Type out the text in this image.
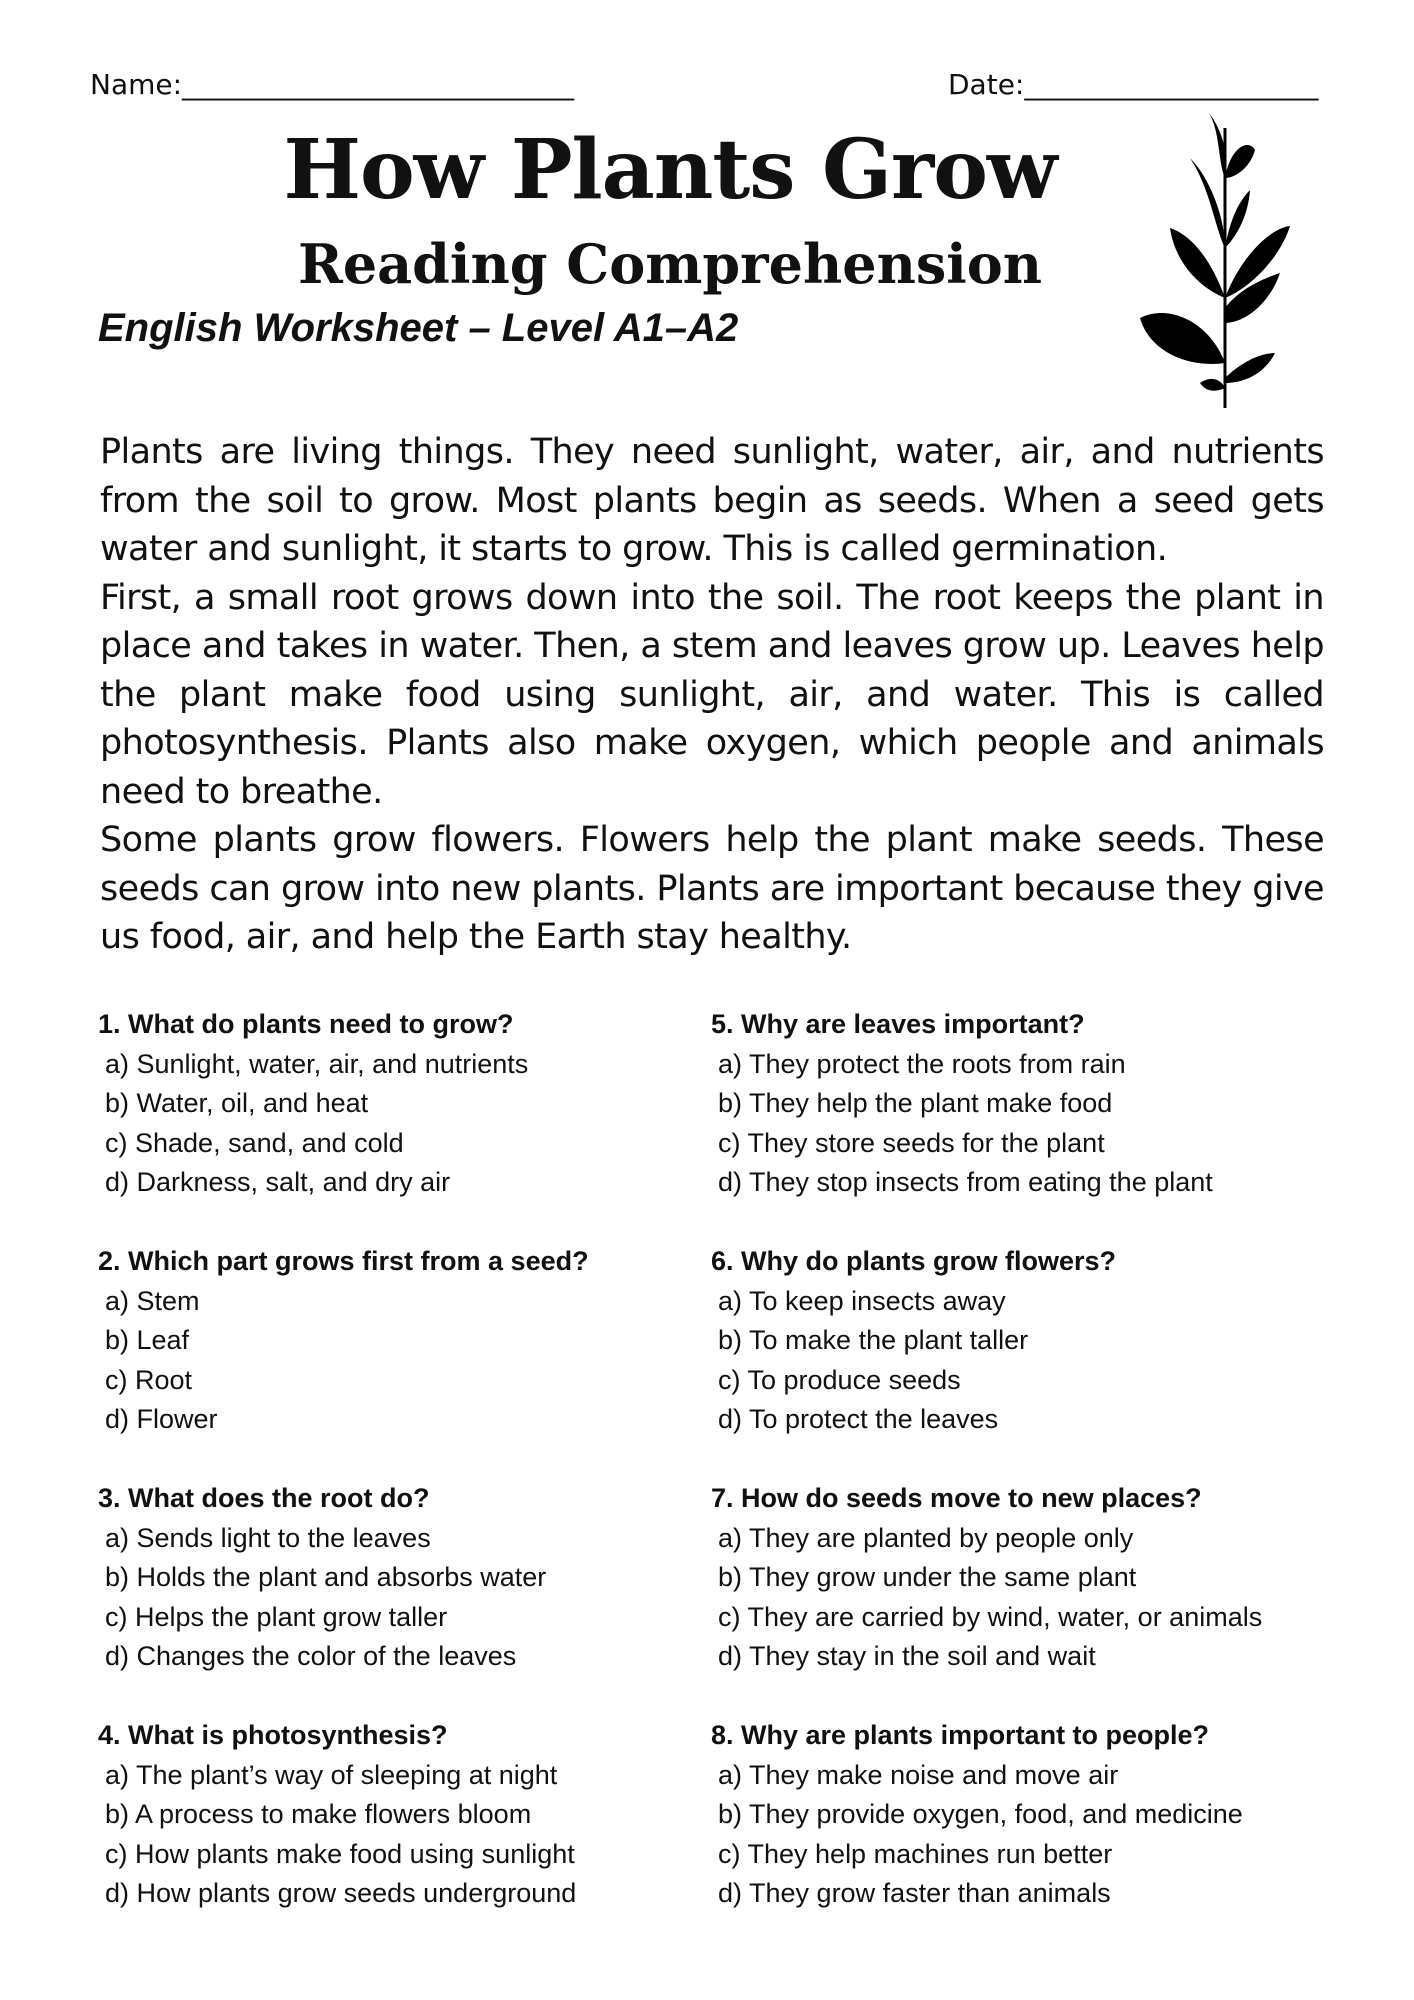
Name:____________________________	Date:_____________________
How Plants Grow
Reading Comprehension
English Worksheet – Level A1–A2

Plants are living things. They need sunlight, water, air, and nutrients from the soil to grow. Most plants begin as seeds. When a seed gets water and sunlight, it starts to grow. This is called germination.

First, a small root grows down into the soil. The root keeps the plant in place and takes in water. Then, a stem and leaves grow up. Leaves help the plant make food using sunlight, air, and water. This is called photosynthesis. Plants also make oxygen, which people and animals need to breathe.

Some plants grow flowers. Flowers help the plant make seeds. These seeds can grow into new plants. Plants are important because they give us food, air, and help the Earth stay healthy.

1. What do plants need to grow?
a) Sunlight, water, air, and nutrients
b) Water, oil, and heat
c) Shade, sand, and cold
d) Darkness, salt, and dry air
2. Which part grows first from a seed?
a) Stem
b) Leaf
c) Root
d) Flower
3. What does the root do?
a) Sends light to the leaves
b) Holds the plant and absorbs water
c) Helps the plant grow taller
d) Changes the color of the leaves
4. What is photosynthesis?
a) The plant’s way of sleeping at night
b) A process to make flowers bloom
c) How plants make food using sunlight
d) How plants grow seeds underground
5. Why are leaves important?
a) They protect the roots from rain
b) They help the plant make food
c) They store seeds for the plant
d) They stop insects from eating the plant
6. Why do plants grow flowers?
a) To keep insects away
b) To make the plant taller
c) To produce seeds
d) To protect the leaves
7. How do seeds move to new places?
a) They are planted by people only
b) They grow under the same plant
c) They are carried by wind, water, or animals
d) They stay in the soil and wait
8. Why are plants important to people?
a) They make noise and move air
b) They provide oxygen, food, and medicine
c) They help machines run better
d) They grow faster than animals
